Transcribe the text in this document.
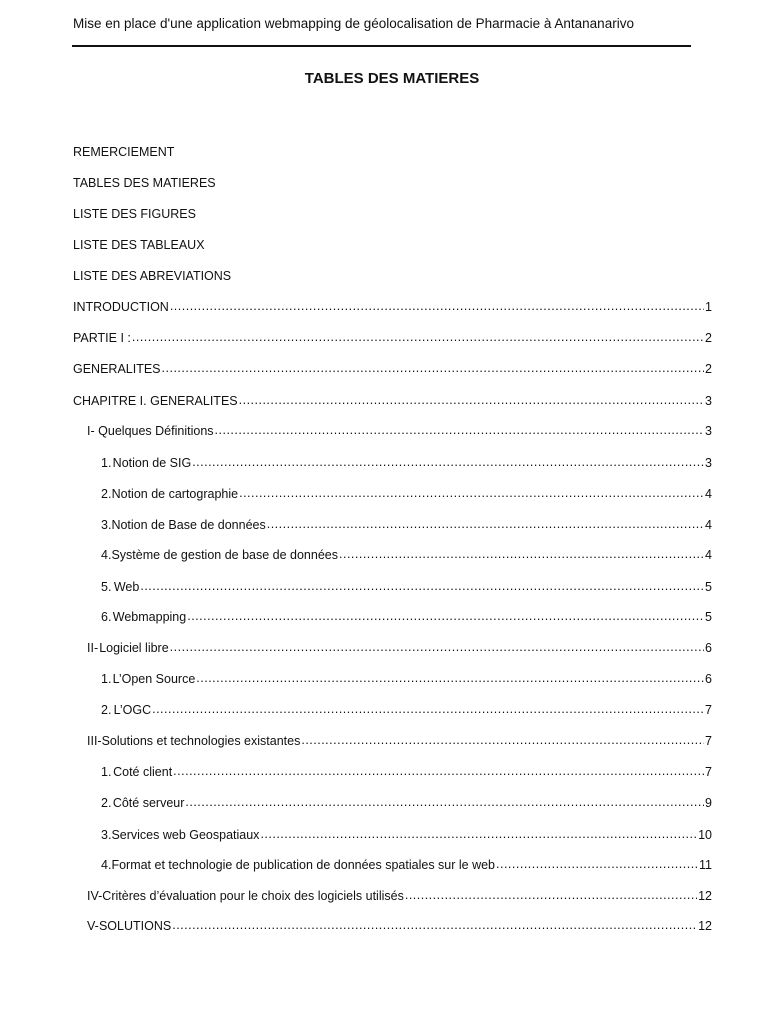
Mise en place d'une application webmapping de géolocalisation de Pharmacie à Antananarivo
TABLES DES MATIERES
REMERCIEMENT
TABLES DES MATIERES
LISTE DES FIGURES
LISTE DES TABLEAUX
LISTE DES ABREVIATIONS
INTRODUCTION .....	1
PARTIE I : .....	2
GENERALITES .....	2
CHAPITRE I. GENERALITES .....	3
I- Quelques Définitions .....	3
1. Notion de SIG .....	3
2. Notion de cartographie .....	4
3. Notion de Base de données .....	4
4. Système de gestion de base de données .....	4
5. Web .....	5
6. Webmapping .....	5
II- Logiciel libre .....	6
1. L’Open Source .....	6
2. L’OGC .....	7
III- Solutions et technologies existantes .....	7
1. Coté client .....	7
2. Côté serveur .....	9
3. Services web Geospatiaux .....	10
4. Format et technologie de publication de données spatiales sur le web .....	11
IV- Critères d’évaluation pour le choix des logiciels utilisés .....	12
V- SOLUTIONS .....	12
